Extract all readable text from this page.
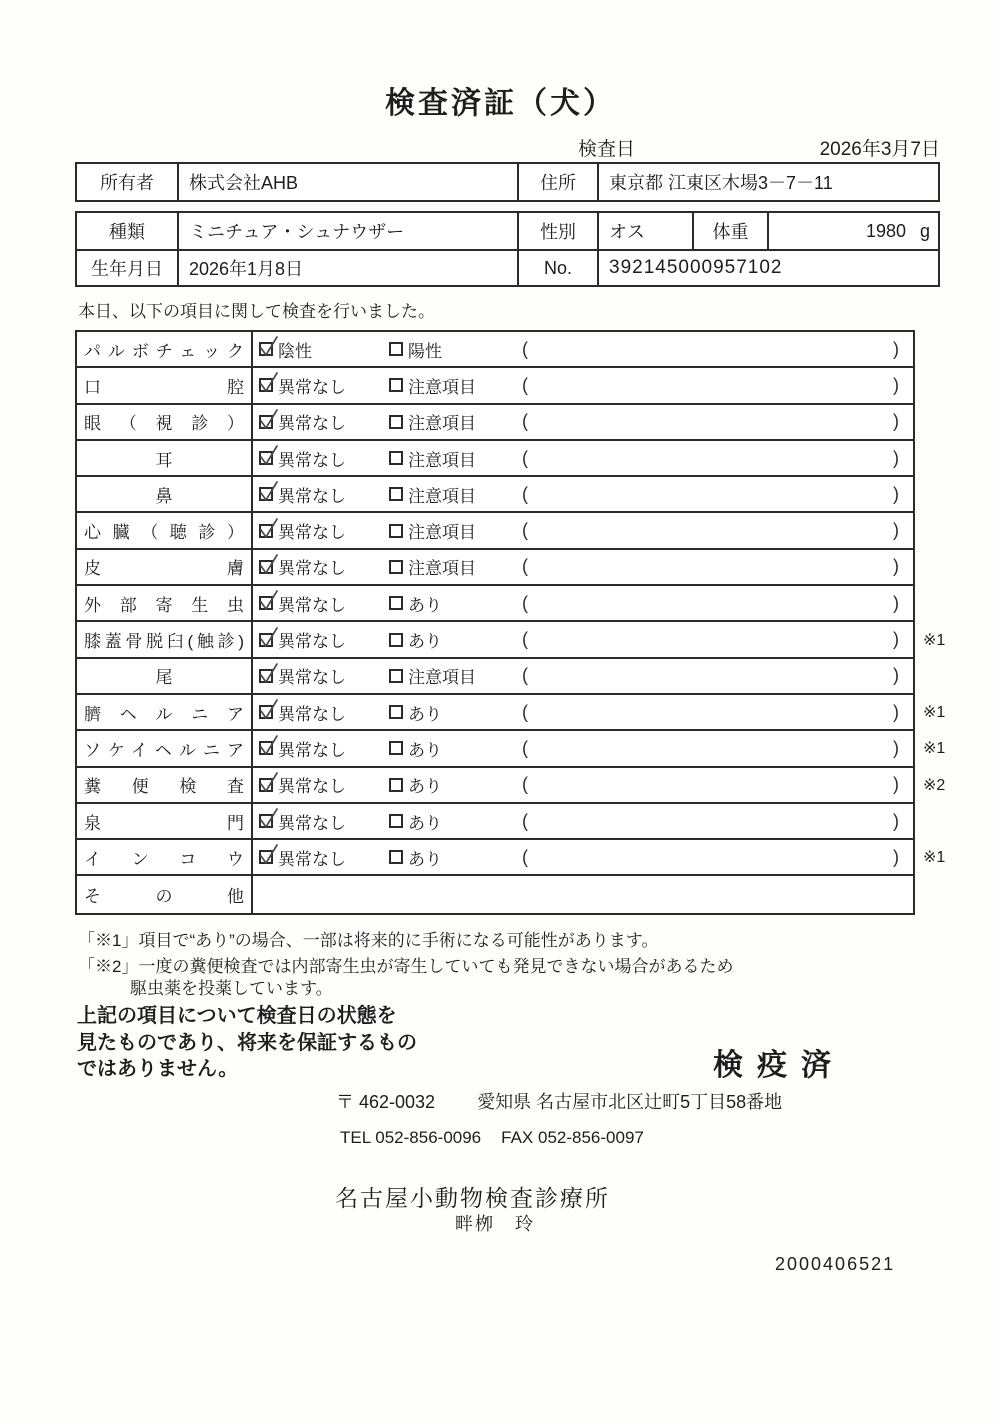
検査済証（犬）
検査日	2026年3月7日
所有者	株式会社AHB	住所	東京都 江東区木場3－7－11
種類	ミニチュア・シュナウザー	性別	オス	体重	1980 g
生年月日	2026年1月8日	No.	392145000957102

本日、以下の項目に関して検査を行いました。

パルボチェック 陰性	陽性	(	)
口腔 異常なし	注意項目	(	)
眼（視診） 異常なし	注意項目	(	)
耳	異常なし	注意項目	(	)
鼻	異常なし	注意項目	(	)
心臓（聴診） 異常なし	注意項目	(	)
皮膚 異常なし	注意項目	(	)
外部寄生虫 異常なし	あり	(	)
膝蓋骨脱臼(触診) 異常なし	あり	(	) ※1
尾	異常なし	注意項目	(	)
臍ヘルニア 異常なし	あり	(	) ※1
ソケイヘルニア 異常なし	あり	(	) ※1
糞便検査 異常なし	あり	(	) ※2
泉門 異常なし	あり	(	)
インコウ 異常なし	あり	(	) ※1
その他

「※1」項目で“あり”の場合、一部は将来的に手術になる可能性があります。

「※2」一度の糞便検査では内部寄生虫が寄生していても発見できない場合があるため

駆虫薬を投薬しています。

上記の項目について検査日の状態を
見たものであり、将来を保証するもの
ではありません。	検疫済
〒 462-0032 愛知県 名古屋市北区辻町5丁目58番地
TEL 052-856-0096 FAX 052-856-0097
名古屋小動物検査診療所
畔栁　玲
2000406521
